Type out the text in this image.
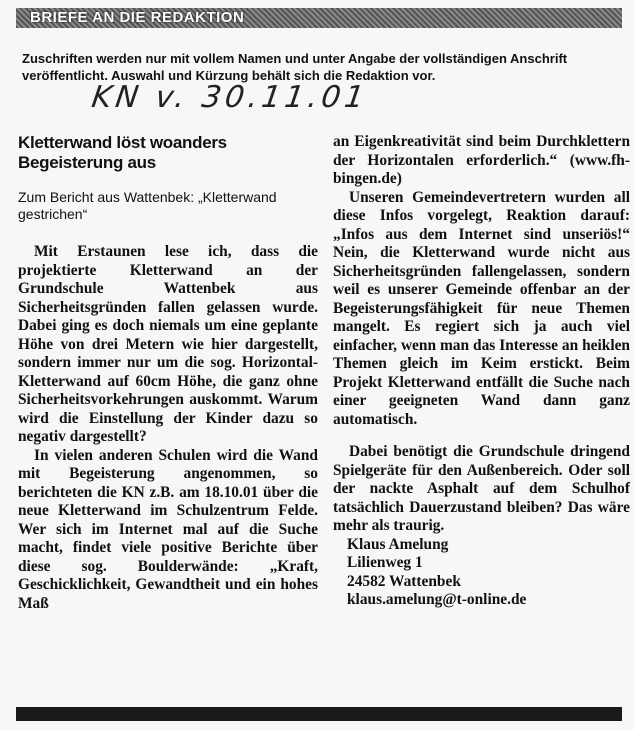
BRIEFE AN DIE REDAKTION

Zuschriften werden nur mit vollem Namen und unter Angabe der vollständigen Anschrift veröffentlicht. Auswahl und Kürzung behält sich die Redaktion vor.

KN v. 30.11.01
Kletterwand löst woanders Begeisterung aus
Zum Bericht aus Wattenbek: „Kletterwand gestrichen“

Mit Erstaunen lese ich, dass die projektierte Kletterwand an der Grundschule Wattenbek aus Sicherheitsgründen fallen gelassen wurde. Dabei ging es doch niemals um eine geplante Höhe von drei Metern wie hier dargestellt, sondern immer nur um die sog. Horizontal-Kletterwand auf 60cm Höhe, die ganz ohne Sicherheitsvorkehrungen auskommt. Warum wird die Einstellung der Kinder dazu so negativ dargestellt?

In vielen anderen Schulen wird die Wand mit Begeisterung angenommen, so berichteten die KN z.B. am 18.10.01 über die neue Kletterwand im Schulzentrum Felde. Wer sich im Internet mal auf die Suche macht, findet viele positive Berichte über diese sog. Boulderwände: „Kraft, Geschicklichkeit, Gewandtheit und ein hohes Maß

an Eigenkreativität sind beim Durchklettern der Horizontalen erforderlich.“ (www.fh-bingen.de)

Unseren Gemeindevertretern wurden all diese Infos vorgelegt, Reaktion darauf: „Infos aus dem Internet sind unseriös!“ Nein, die Kletterwand wurde nicht aus Sicherheitsgründen fallengelassen, sondern weil es unserer Gemeinde offenbar an der Begeisterungsfähigkeit für neue Themen mangelt. Es regiert sich ja auch viel einfacher, wenn man das Interesse an heiklen Themen gleich im Keim erstickt. Beim Projekt Kletterwand entfällt die Suche nach einer geeigneten Wand dann ganz automatisch.

Dabei benötigt die Grundschule dringend Spielgeräte für den Außenbereich. Oder soll der nackte Asphalt auf dem Schulhof tatsächlich Dauerzustand bleiben? Das wäre mehr als traurig.

Klaus Amelung

Lilienweg 1

24582 Wattenbek

klaus.amelung@t-online.de
